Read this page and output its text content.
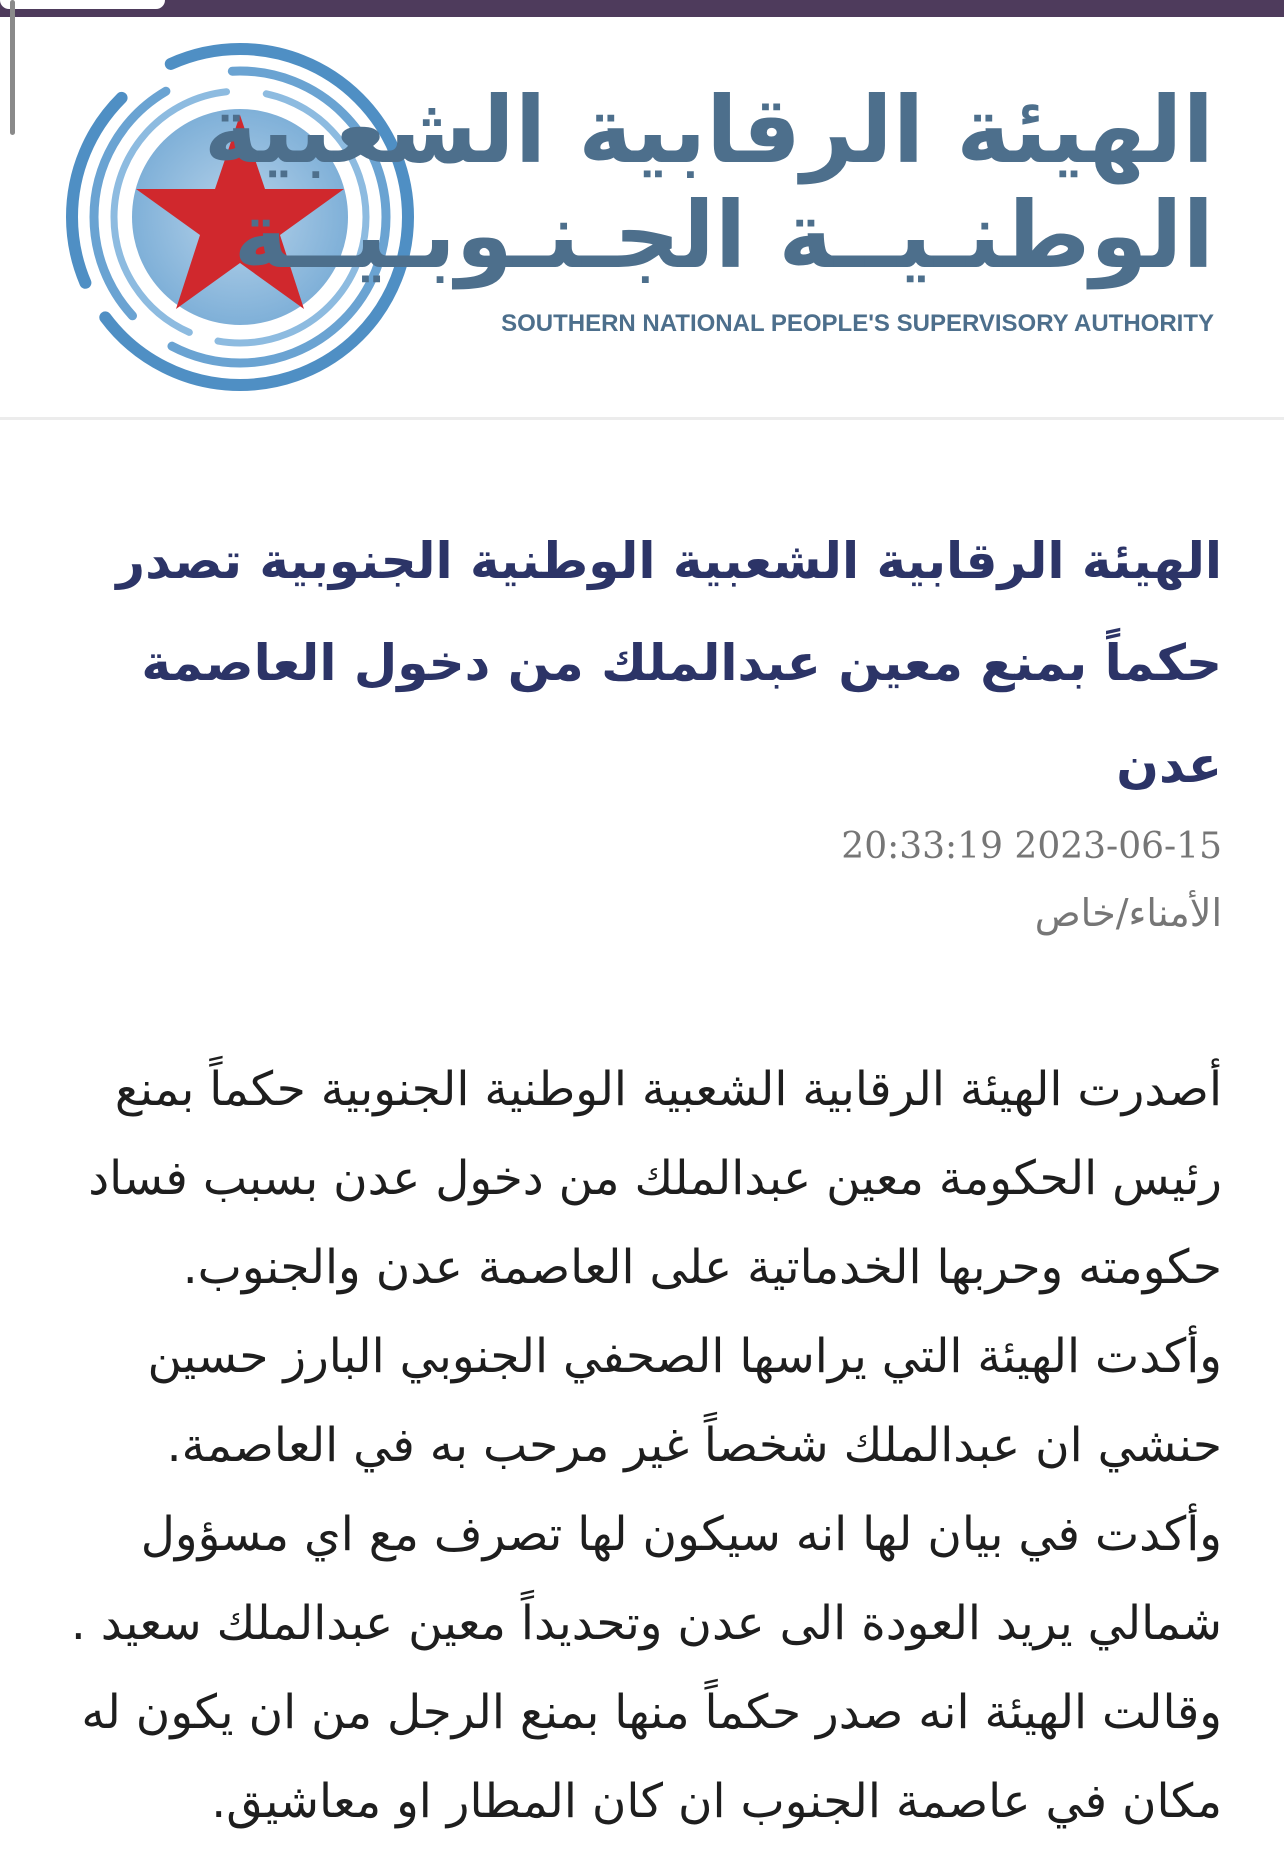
الهيئة الرقابية الشعبية
الوطنـيــة الجـنـوبـيــة
SOUTHERN NATIONAL PEOPLE'S SUPERVISORY AUTHORITY
الهيئة الرقابية الشعبية الوطنية الجنوبية تصدر حكماً بمنع معين عبدالملك من دخول العاصمة عدن
20:33:19 2023-06-15
الأمناء/خاص
أصدرت الهيئة الرقابية الشعبية الوطنية الجنوبية حكماً بمنع
رئيس الحكومة معين عبدالملك من دخول عدن بسبب فساد
حكومته وحربها الخدماتية على العاصمة عدن والجنوب.
وأكدت الهيئة التي يراسها الصحفي الجنوبي البارز حسين
حنشي ان عبدالملك شخصاً غير مرحب به في العاصمة.
وأكدت في بيان لها انه سيكون لها تصرف مع اي مسؤول
شمالي يريد العودة الى عدن وتحديداً معين عبدالملك سعيد .
وقالت الهيئة انه صدر حكماً منها بمنع الرجل من ان يكون له
مكان في عاصمة الجنوب ان كان المطار او معاشيق.
